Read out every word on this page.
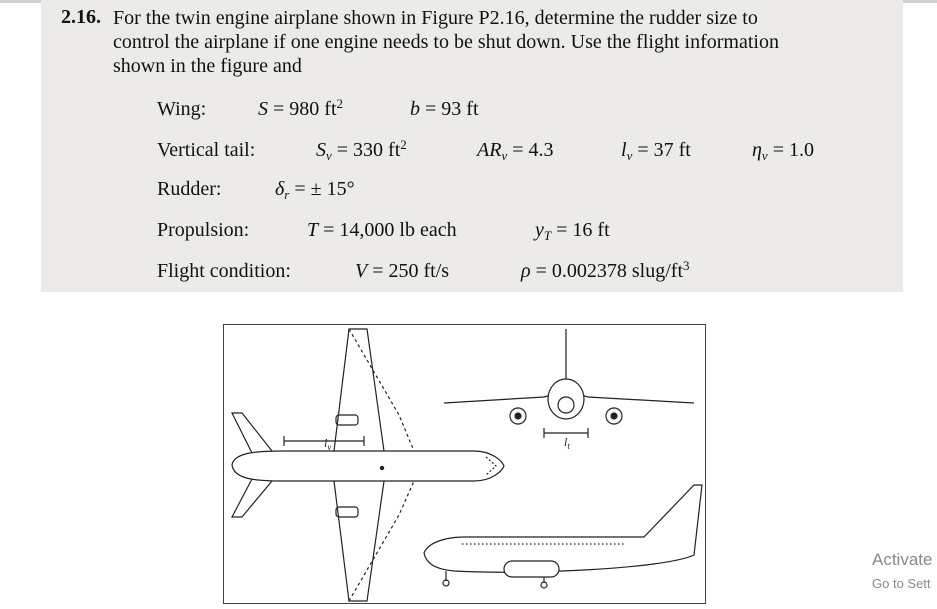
2.16. For the twin engine airplane shown in Figure P2.16, determine the rudder size to
control the airplane if one engine needs to be shut down. Use the flight information
shown in the figure and
Wing:	S = 980 $ft^2$	b = 93 ft
Vertical tail:	$S_v = 330$ $ft^2$	$AR_v = 4.3$	$l_v = 37$ ft	$\eta_v = 1.0$
Rudder:	$\delta_r$ = ± 15°
Propulsion:	T = 14,000 lb each	$y_T = 16$ ft
Flight condition:	V = 250 ft/s	ρ = 0.002378 slug/$ft^3$
$l_v$	$l_t$
Activate
Go to Sett
